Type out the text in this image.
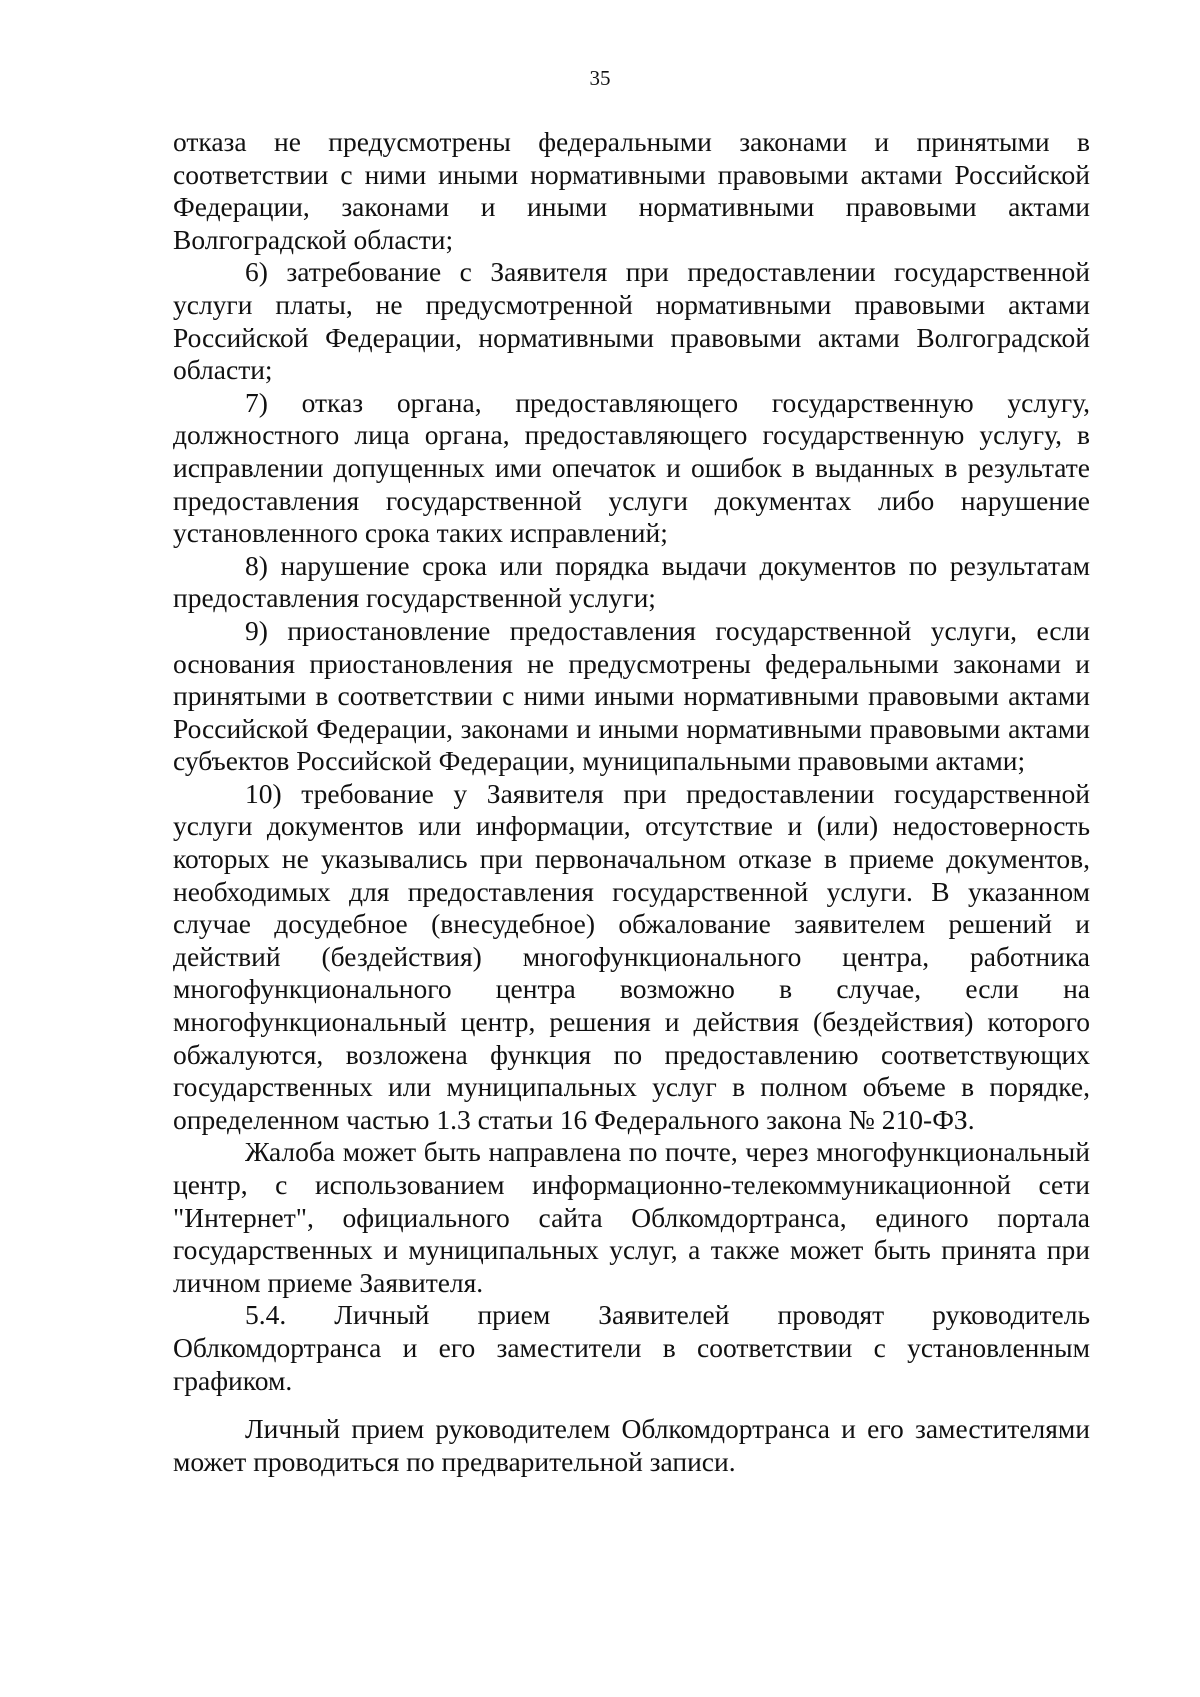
35

отказа не предусмотрены федеральными законами и принятыми в соответствии с ними иными нормативными правовыми актами Российской Федерации, законами и иными нормативными правовыми актами Волгоградской области;

6) затребование с Заявителя при предоставлении государственной услуги платы, не предусмотренной нормативными правовыми актами Российской Федерации, нормативными правовыми актами Волгоградской области;

7) отказ органа, предоставляющего государственную услугу, должностного лица органа, предоставляющего государственную услугу, в исправлении допущенных ими опечаток и ошибок в выданных в результате предоставления государственной услуги документах либо нарушение установленного срока таких исправлений;

8) нарушение срока или порядка выдачи документов по результатам предоставления государственной услуги;

9) приостановление предоставления государственной услуги, если основания приостановления не предусмотрены федеральными законами и принятыми в соответствии с ними иными нормативными правовыми актами Российской Федерации, законами и иными нормативными правовыми актами субъектов Российской Федерации, муниципальными правовыми актами;

10) требование у Заявителя при предоставлении государственной услуги документов или информации, отсутствие и (или) недостоверность которых не указывались при первоначальном отказе в приеме документов, необходимых для предоставления государственной услуги. В указанном случае досудебное (внесудебное) обжалование заявителем решений и действий (бездействия) многофункционального центра, работника многофункционального центра возможно в случае, если на многофункциональный центр, решения и действия (бездействия) которого обжалуются, возложена функция по предоставлению соответствующих государственных или муниципальных услуг в полном объеме в порядке, определенном частью 1.3 статьи 16 Федерального закона № 210-ФЗ.

Жалоба может быть направлена по почте, через многофункциональный центр, с использованием информационно-телекоммуникационной сети "Интернет", официального сайта Облкомдортранса, единого портала государственных и муниципальных услуг, а также может быть принята при личном приеме Заявителя.

5.4. Личный прием Заявителей проводят руководитель Облкомдортранса и его заместители в соответствии с установленным графиком.

Личный прием руководителем Облкомдортранса и его заместителями может проводиться по предварительной записи.
